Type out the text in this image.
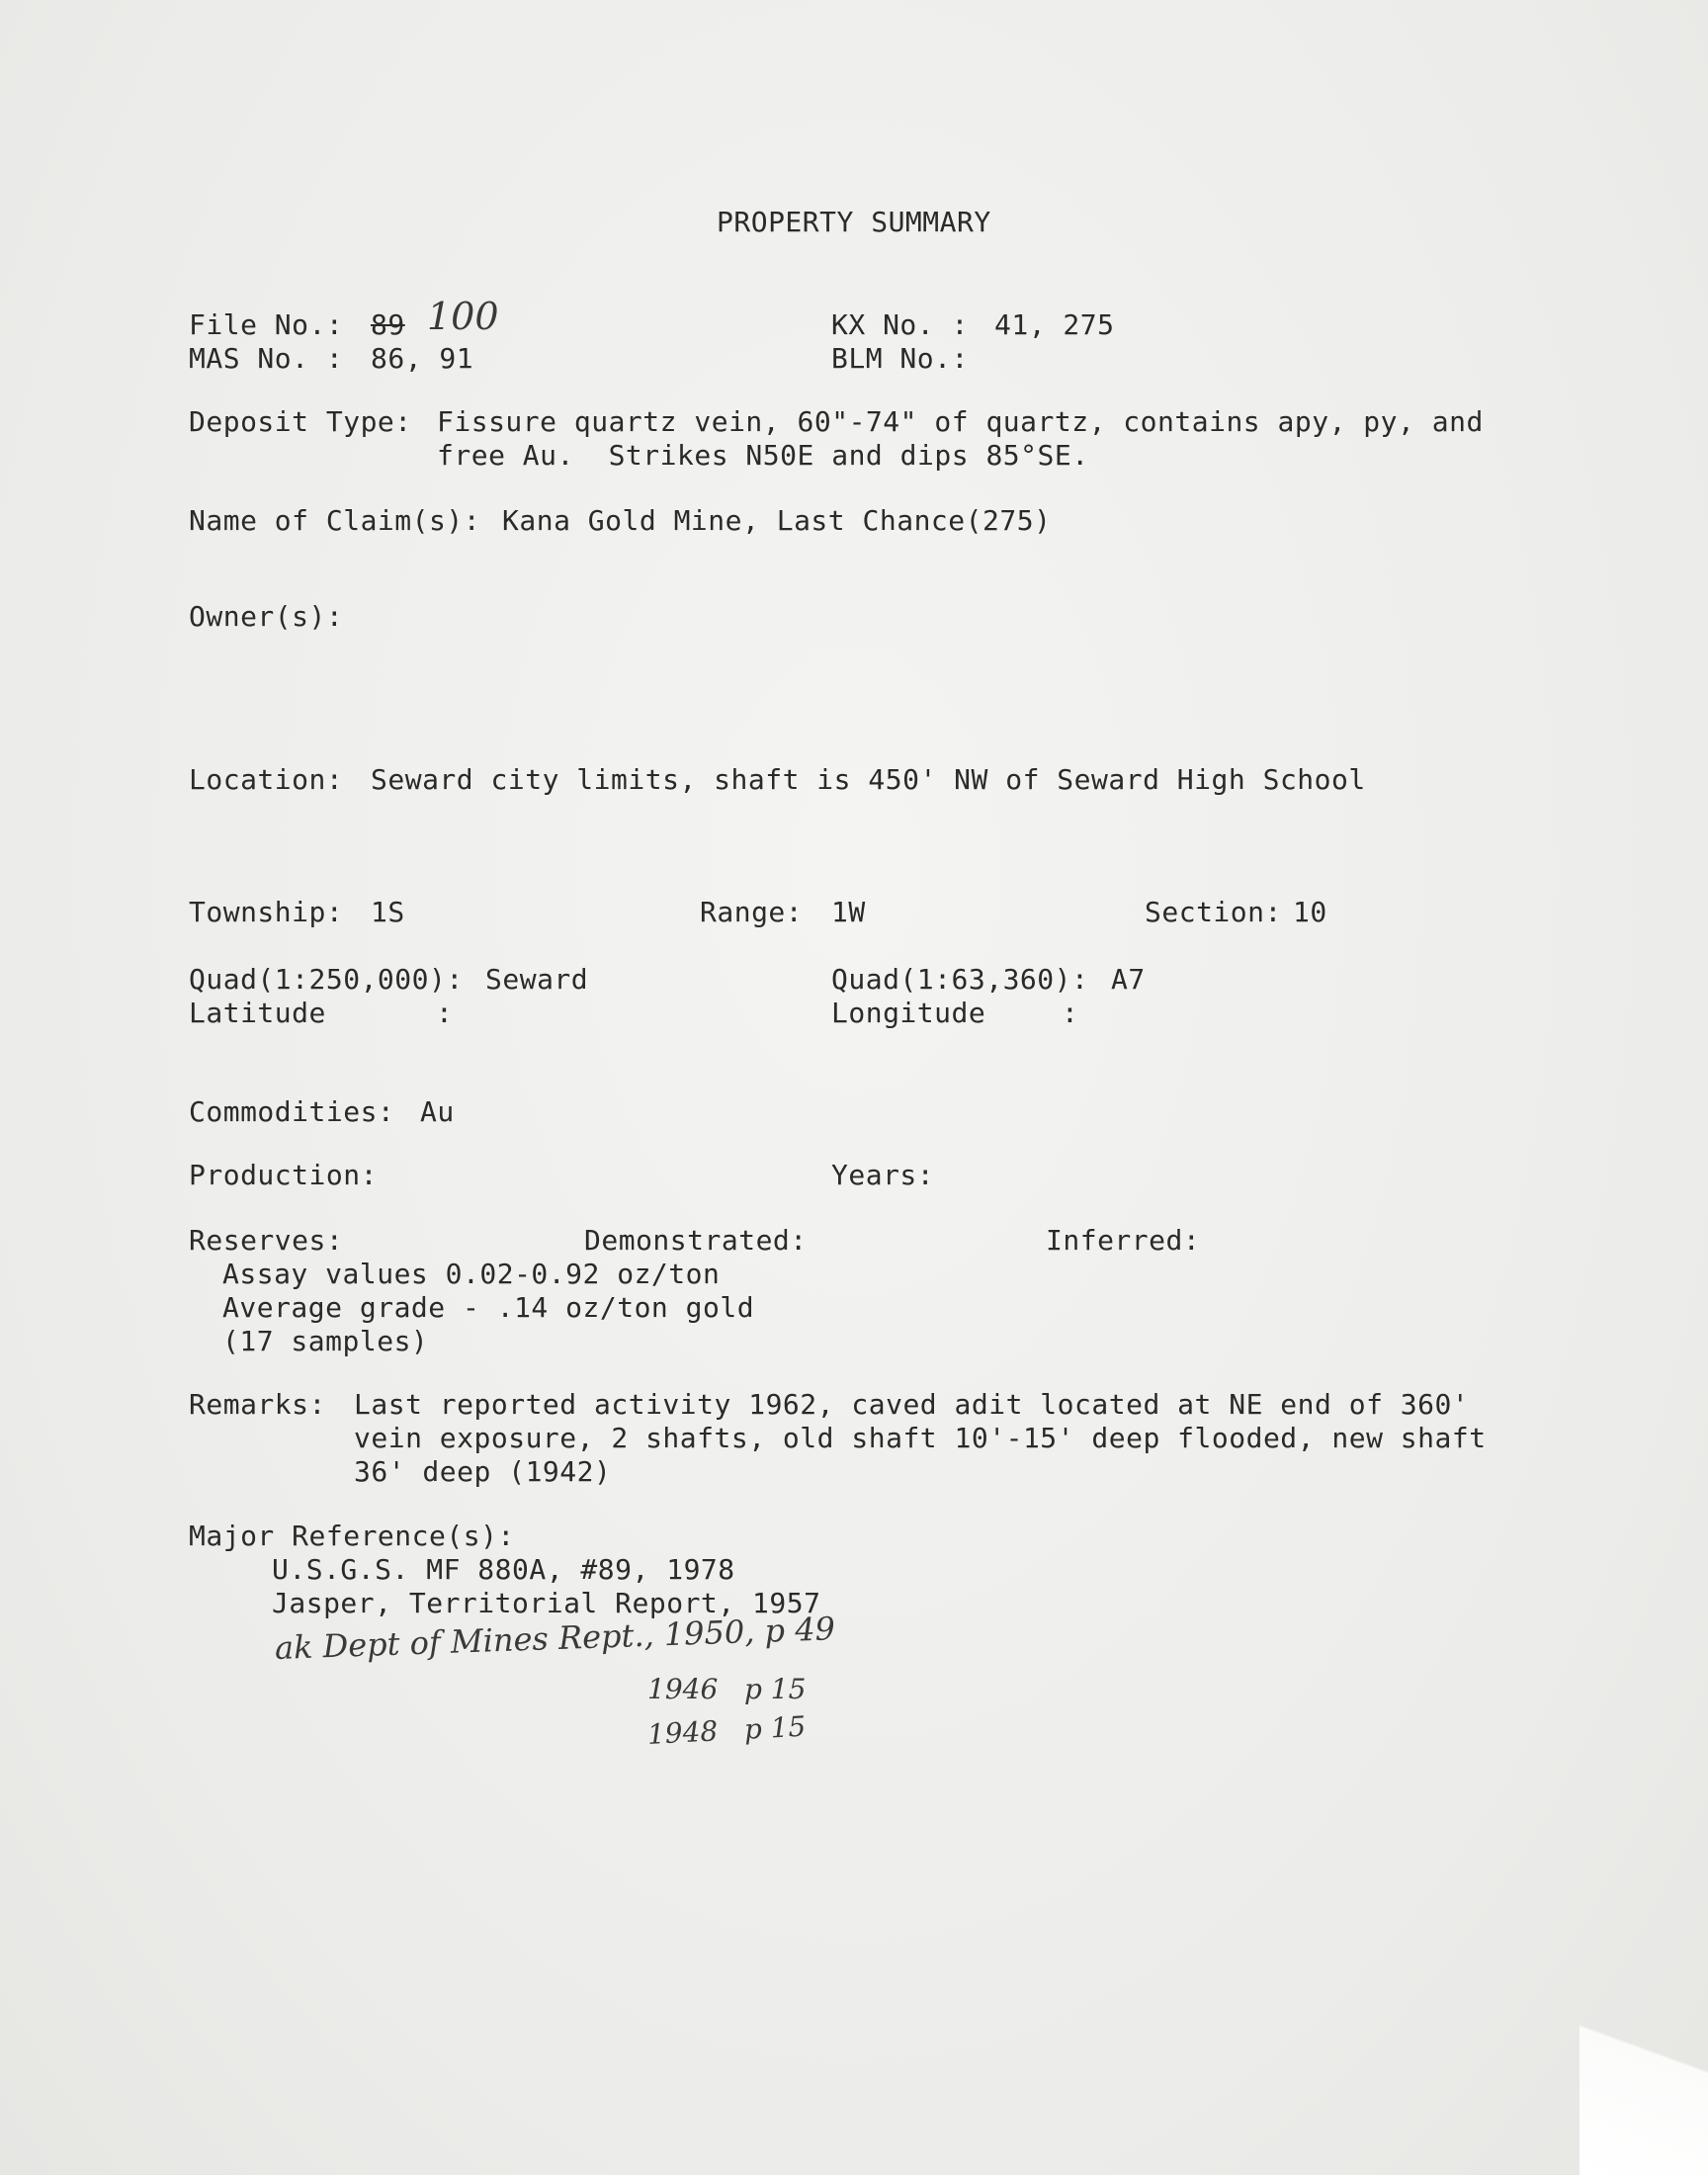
PROPERTY SUMMARY
File No.: 89 100	KX No. : 41, 275
MAS No. : 86, 91	BLM No.:
Deposit Type: Fissure quartz vein, 60"-74" of quartz, contains apy, py, and
free Au.  Strikes N50E and dips 85°SE.
Name of Claim(s): Kana Gold Mine, Last Chance(275)
Owner(s):
Location: Seward city limits, shaft is 450' NW of Seward High School
Township: 1S	Range: 1W	Section: 10
Quad(1:250,000): Seward	Quad(1:63,360): A7
Latitude	:	Longitude	:
Commodities: Au
Production:	Years:
Reserves:	Demonstrated:	Inferred:
Assay values 0.02-0.92 oz/ton
Average grade - .14 oz/ton gold
(17 samples)
Remarks: Last reported activity 1962, caved adit located at NE end of 360'
vein exposure, 2 shafts, old shaft 10'-15' deep flooded, new shaft
36' deep (1942)
Major Reference(s):
U.S.G.S. MF 880A, #89, 1978
Jasper, Territorial Report, 1957
ak Dept of Mines Rept., 1950, p 49
1946   p 15
1948   p 15
